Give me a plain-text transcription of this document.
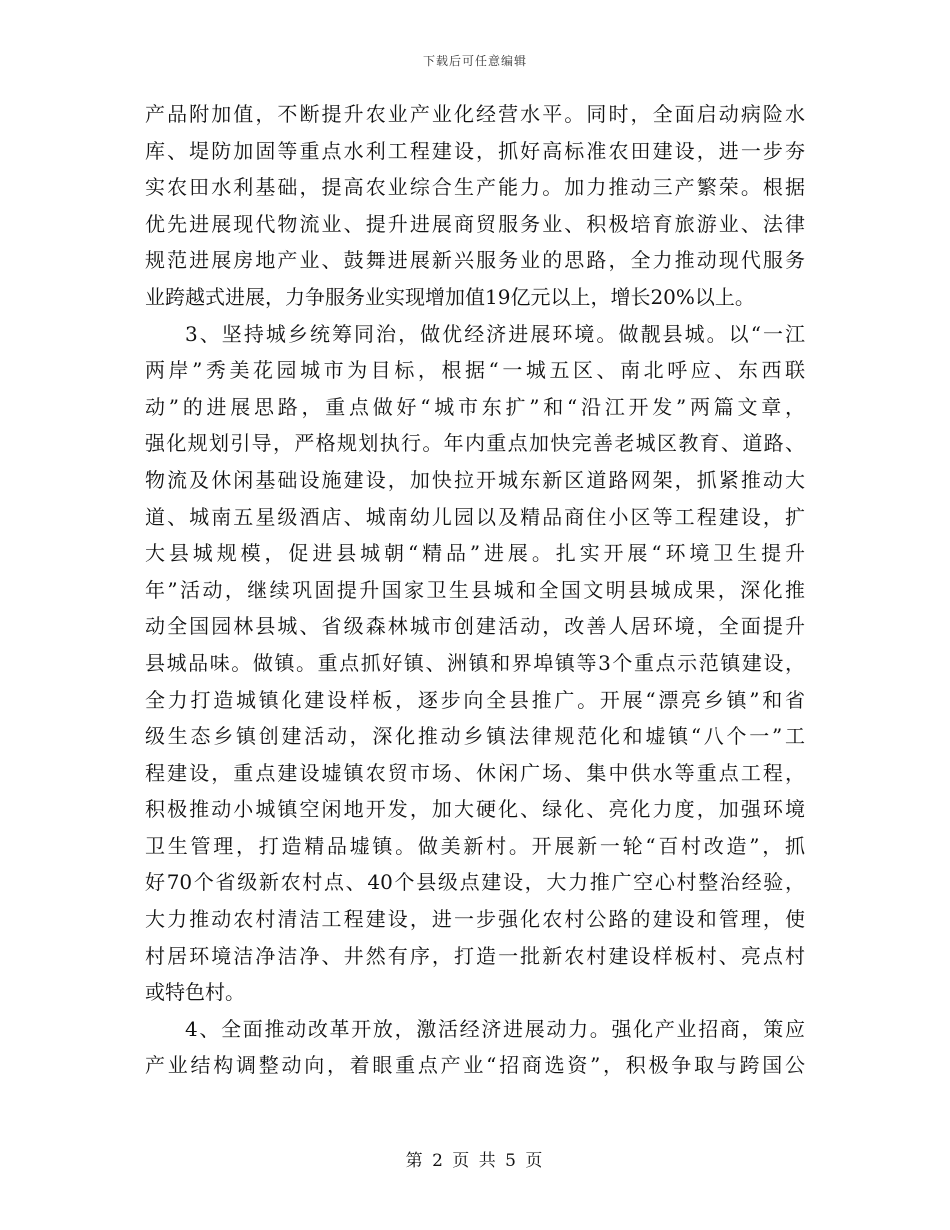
下载后可任意编辑
产品附加值，不断提升农业产业化经营水平。同时，全面启动病险水
库、堤防加固等重点水利工程建设，抓好高标准农田建设，进一步夯
实农田水利基础，提高农业综合生产能力。加力推动三产繁荣。根据
优先进展现代物流业、提升进展商贸服务业、积极培育旅游业、法律
规范进展房地产业、鼓舞进展新兴服务业的思路，全力推动现代服务
业跨越式进展，力争服务业实现增加值19亿元以上，增长20%以上。
3、坚持城乡统筹同治，做优经济进展环境。做靓县城。以“一江
两岸”秀美花园城市为目标，根据“一城五区、南北呼应、东西联
动”的进展思路，重点做好“城市东扩”和“沿江开发”两篇文章，
强化规划引导，严格规划执行。年内重点加快完善老城区教育、道路、
物流及休闲基础设施建设，加快拉开城东新区道路网架，抓紧推动大
道、城南五星级酒店、城南幼儿园以及精品商住小区等工程建设，扩
大县城规模，促进县城朝“精品”进展。扎实开展“环境卫生提升
年”活动，继续巩固提升国家卫生县城和全国文明县城成果，深化推
动全国园林县城、省级森林城市创建活动，改善人居环境，全面提升
县城品味。做镇。重点抓好镇、洲镇和界埠镇等3个重点示范镇建设，
全力打造城镇化建设样板，逐步向全县推广。开展“漂亮乡镇”和省
级生态乡镇创建活动，深化推动乡镇法律规范化和墟镇“八个一”工
程建设，重点建设墟镇农贸市场、休闲广场、集中供水等重点工程，
积极推动小城镇空闲地开发，加大硬化、绿化、亮化力度，加强环境
卫生管理，打造精品墟镇。做美新村。开展新一轮“百村改造”，抓
好70个省级新农村点、40个县级点建设，大力推广空心村整治经验，
大力推动农村清洁工程建设，进一步强化农村公路的建设和管理，使
村居环境洁净洁净、井然有序，打造一批新农村建设样板村、亮点村
或特色村。
4、全面推动改革开放，激活经济进展动力。强化产业招商，策应
产业结构调整动向，着眼重点产业“招商选资”，积极争取与跨国公
第 2 页 共 5 页
